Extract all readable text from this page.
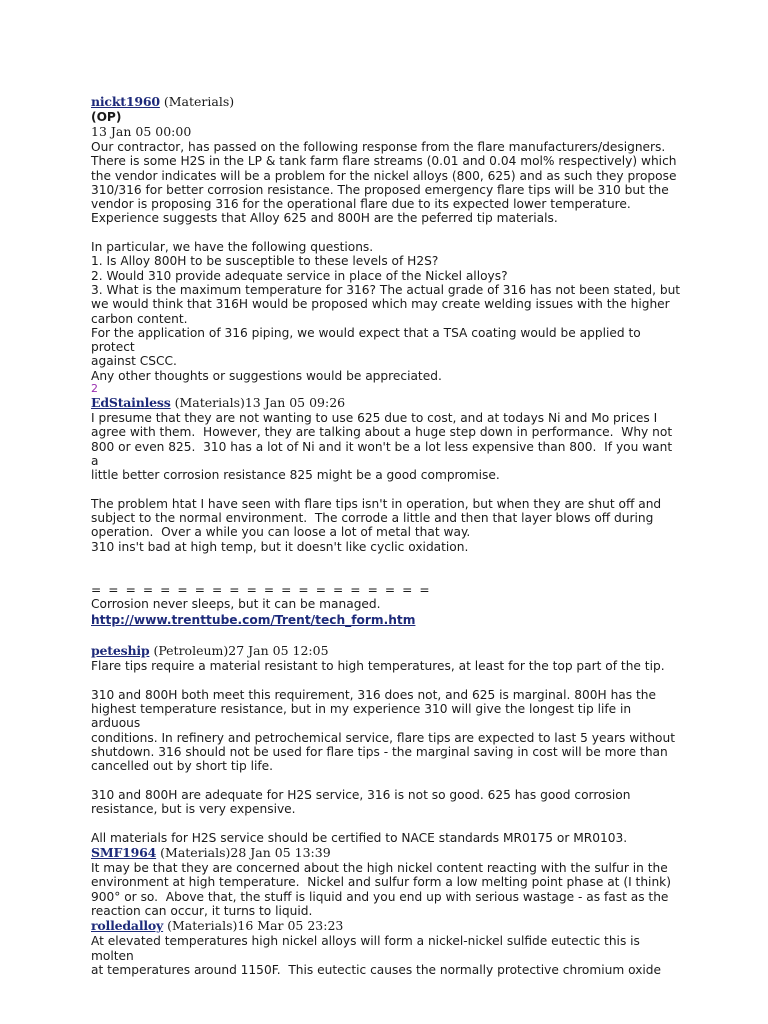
nickt1960 (Materials)
(OP)
13 Jan 05 00:00

Our contractor, has passed on the following response from the flare manufacturers/designers.

There is some H2S in the LP & tank farm flare streams (0.01 and 0.04 mol% respectively) which

the vendor indicates will be a problem for the nickel alloys (800, 625) and as such they propose

310/316 for better corrosion resistance. The proposed emergency flare tips will be 310 but the

vendor is proposing 316 for the operational flare due to its expected lower temperature.

Experience suggests that Alloy 625 and 800H are the peferred tip materials.

In particular, we have the following questions.

1. Is Alloy 800H to be susceptible to these levels of H2S?

2. Would 310 provide adequate service in place of the Nickel alloys?

3. What is the maximum temperature for 316? The actual grade of 316 has not been stated, but

we would think that 316H would be proposed which may create welding issues with the higher

carbon content.

For the application of 316 piping, we would expect that a TSA coating would be applied to protect

against CSCC.

Any other thoughts or suggestions would be appreciated.

2
EdStainless (Materials)13 Jan 05 09:26

I presume that they are not wanting to use 625 due to cost, and at todays Ni and Mo prices I

agree with them.  However, they are talking about a huge step down in performance.  Why not

800 or even 825.  310 has a lot of Ni and it won't be a lot less expensive than 800.  If you want a

little better corrosion resistance 825 might be a good compromise.

The problem htat I have seen with flare tips isn't in operation, but when they are shut off and

subject to the normal environment.  The corrode a little and then that layer blows off during

operation.  Over a while you can loose a lot of metal that way.

310 ins't bad at high temp, but it doesn't like cyclic oxidation.

= = = = = = = = = = = = = = = = = = = =
Corrosion never sleeps, but it can be managed.
http://www.trenttube.com/Trent/tech_form.htm
peteship (Petroleum)27 Jan 05 12:05

Flare tips require a material resistant to high temperatures, at least for the top part of the tip.

310 and 800H both meet this requirement, 316 does not, and 625 is marginal. 800H has the

highest temperature resistance, but in my experience 310 will give the longest tip life in arduous

conditions. In refinery and petrochemical service, flare tips are expected to last 5 years without

shutdown. 316 should not be used for flare tips - the marginal saving in cost will be more than

cancelled out by short tip life.

310 and 800H are adequate for H2S service, 316 is not so good. 625 has good corrosion

resistance, but is very expensive.

All materials for H2S service should be certified to NACE standards MR0175 or MR0103.

SMF1964 (Materials)28 Jan 05 13:39

It may be that they are concerned about the high nickel content reacting with the sulfur in the

environment at high temperature.  Nickel and sulfur form a low melting point phase at (I think)

900° or so.  Above that, the stuff is liquid and you end up with serious wastage - as fast as the

reaction can occur, it turns to liquid.

rolledalloy (Materials)16 Mar 05 23:23

At elevated temperatures high nickel alloys will form a nickel-nickel sulfide eutectic this is molten

at temperatures around 1150F.  This eutectic causes the normally protective chromium oxide
